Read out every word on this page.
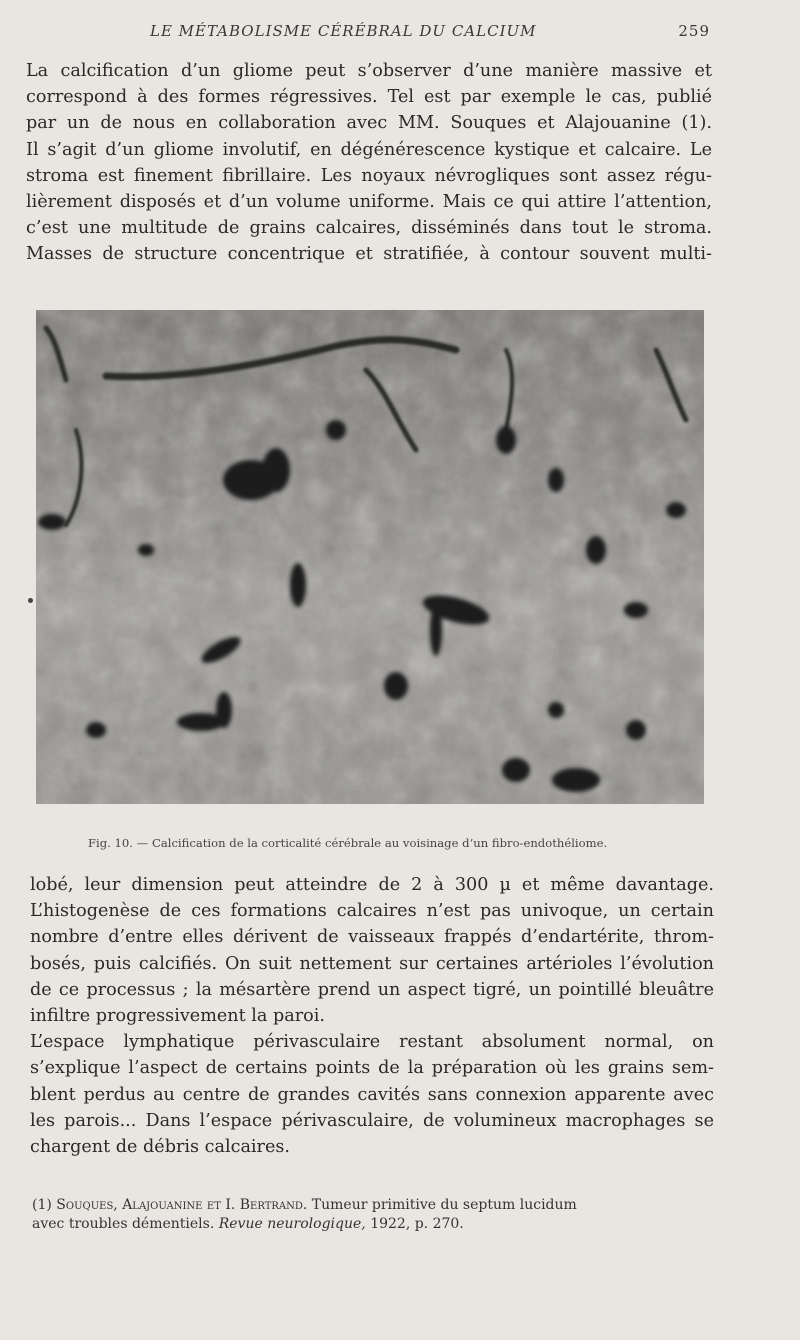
LE MÉTABOLISME CÉRÉBRAL DU CALCIUM	259
La calcification d’un gliome peut s’observer d’une manière massive et
correspond à des formes régressives. Tel est par exemple le cas, publié
par un de nous en collaboration avec MM. Souques et Alajouanine (1).
Il s’agit d’un gliome involutif, en dégénérescence kystique et calcaire. Le
stroma est finement fibrillaire. Les noyaux névrogliques sont assez régu-
lièrement disposés et d’un volume uniforme. Mais ce qui attire l’attention,
c’est une multitude de grains calcaires, disséminés dans tout le stroma.
Masses de structure concentrique et stratifiée, à contour souvent multi-
Fig. 10. — Calcification de la corticalité cérébrale au voisinage d’un fibro-endothéliome.
lobé, leur dimension peut atteindre de 2 à 300 µ et même davantage.
L’histogenèse de ces formations calcaires n’est pas univoque, un certain
nombre d’entre elles dérivent de vaisseaux frappés d’endartérite, throm-
bosés, puis calcifiés. On suit nettement sur certaines artérioles l’évolution
de ce processus ; la mésartère prend un aspect tigré, un pointillé bleuâtre
infiltre progressivement la paroi.
L’espace lymphatique périvasculaire restant absolument normal, on
s’explique l’aspect de certains points de la préparation où les grains sem-
blent perdus au centre de grandes cavités sans connexion apparente avec
les parois... Dans l’espace périvasculaire, de volumineux macrophages se
chargent de débris calcaires.
(1) Souques, Alajouanine et I. Bertrand. Tumeur primitive du septum lucidum
avec troubles démentiels. Revue neurologique, 1922, p. 270.
